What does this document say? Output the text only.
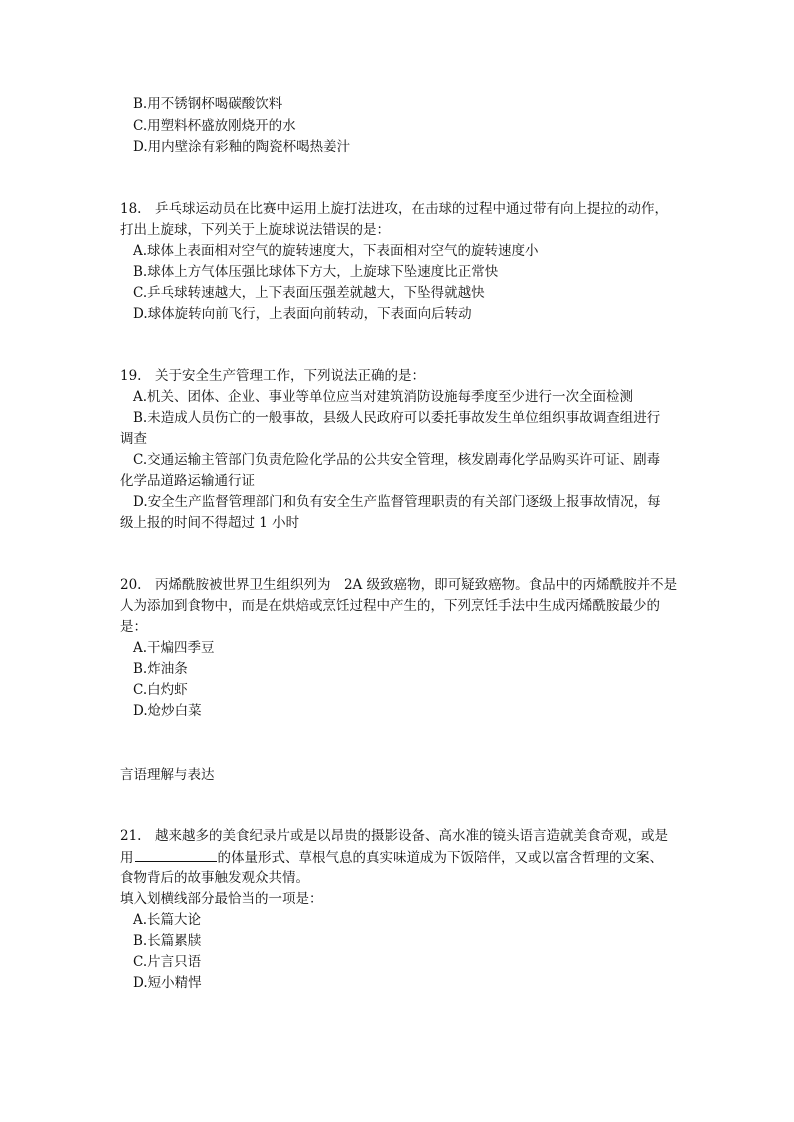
B.用不锈钢杯喝碳酸饮料
C.用塑料杯盛放刚烧开的水
D.用内壁涂有彩釉的陶瓷杯喝热姜汁
18.　乒乓球运动员在比赛中运用上旋打法进攻，在击球的过程中通过带有向上提拉的动作，
打出上旋球，下列关于上旋球说法错误的是：
A.球体上表面相对空气的旋转速度大，下表面相对空气的旋转速度小
B.球体上方气体压强比球体下方大，上旋球下坠速度比正常快
C.乒乓球转速越大，上下表面压强差就越大，下坠得就越快
D.球体旋转向前飞行，上表面向前转动，下表面向后转动
19.　关于安全生产管理工作，下列说法正确的是：
A.机关、团体、企业、事业等单位应当对建筑消防设施每季度至少进行一次全面检测
B.未造成人员伤亡的一般事故，县级人民政府可以委托事故发生单位组织事故调查组进行
调查
C.交通运输主管部门负责危险化学品的公共安全管理，核发剧毒化学品购买许可证、剧毒
化学品道路运输通行证
D.安全生产监督管理部门和负有安全生产监督管理职责的有关部门逐级上报事故情况，每
级上报的时间不得超过 1 小时
20.　丙烯酰胺被世界卫生组织列为　2A 级致癌物，即可疑致癌物。食品中的丙烯酰胺并不是
人为添加到食物中，而是在烘焙或烹饪过程中产生的，下列烹饪手法中生成丙烯酰胺最少的
是：
A.干煸四季豆
B.炸油条
C.白灼虾
D.炝炒白菜
言语理解与表达
21.　越来越多的美食纪录片或是以昂贵的摄影设备、高水准的镜头语言造就美食奇观，或是
用	的体量形式、草根气息的真实味道成为下饭陪伴，又或以富含哲理的文案、
食物背后的故事触发观众共情。
填入划横线部分最恰当的一项是：
A.长篇大论
B.长篇累牍
C.片言只语
D.短小精悍
